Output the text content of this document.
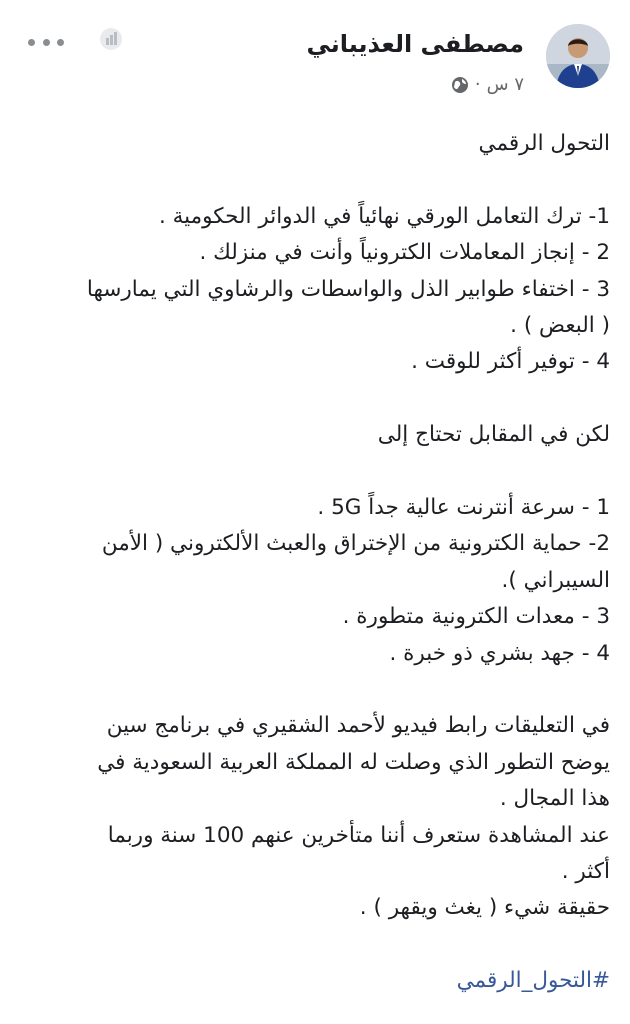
مصطفى العذيباني
٧ س
·
التحول الرقمي
1- ترك التعامل الورقي نهائياً في الدوائر الحكومية .
2 - إنجاز المعاملات الكترونياً وأنت في منزلك .
3 - اختفاء طوابير الذل والواسطات والرشاوي التي يمارسها
( البعض ) .
4 - توفير أكثر للوقت .
لكن في المقابل تحتاج إلى
1 - سرعة أنترنت عالية جداً 5G .
2- حماية الكترونية من الإختراق والعبث الألكتروني ( الأمن
السيبراني ).
3 - معدات الكترونية متطورة .
4 - جهد بشري ذو خبرة .
في التعليقات رابط فيديو لأحمد الشقيري في برنامج سين
يوضح التطور الذي وصلت له المملكة العربية السعودية في
هذا المجال .
عند المشاهدة ستعرف أننا متأخرين عنهم 100 سنة وربما
أكثر .
حقيقة شيء ( يغث ويقهر ) .
#التحول_الرقمي
